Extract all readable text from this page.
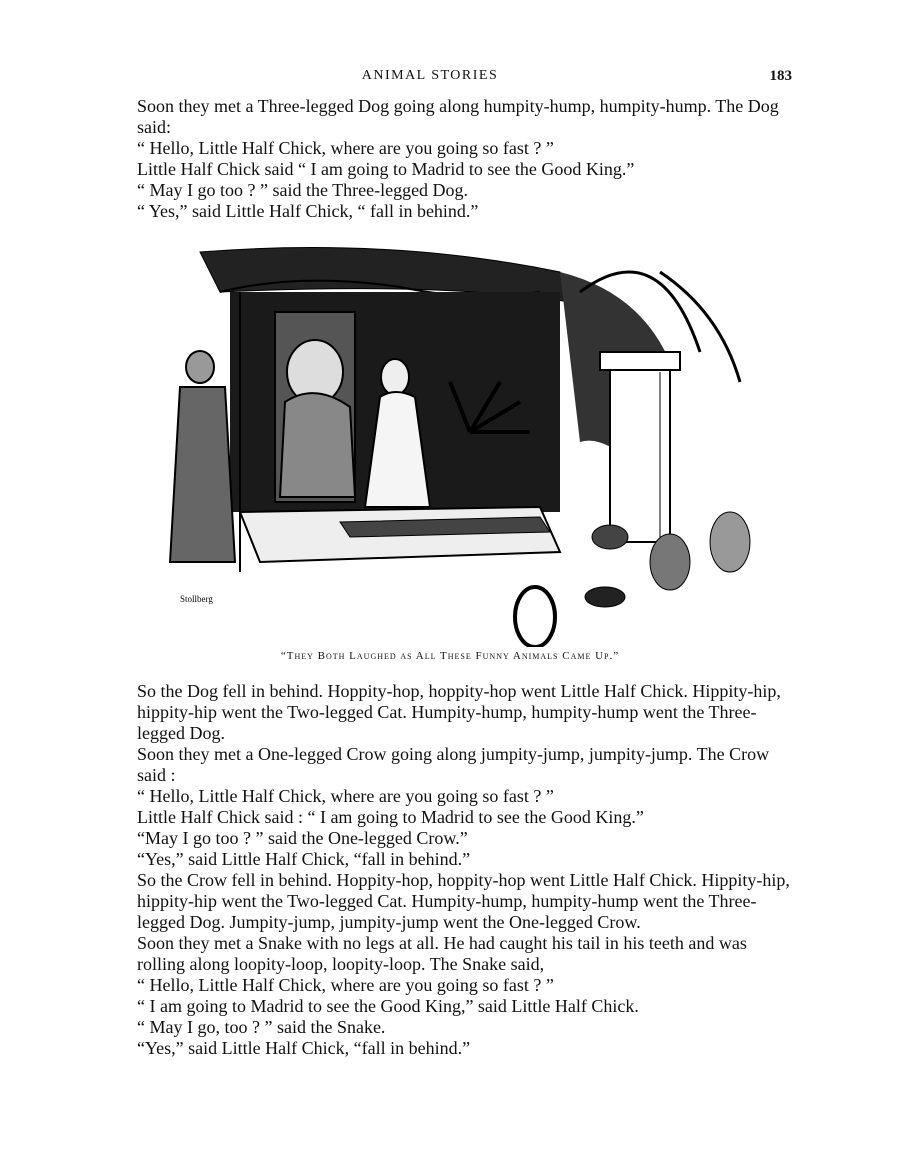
ANIMAL STORIES	183

Soon they met a Three-legged Dog going along humpity-hump, humpity-hump. The Dog said:

“ Hello, Little Half Chick, where are you going so fast ? ”

Little Half Chick said “ I am going to Madrid to see the Good King.”

“ May I go too ? ” said the Three-legged Dog.

“ Yes,” said Little Half Chick, “ fall in behind.”

Stollberg
“They Both Laughed as All These Funny Animals Came Up.”

So the Dog fell in behind. Hoppity-hop, hoppity-hop went Little Half Chick. Hippity-hip, hippity-hip went the Two-legged Cat. Humpity-hump, humpity-hump went the Three-legged Dog.

Soon they met a One-legged Crow going along jumpity-jump, jumpity-jump. The Crow said :

“ Hello, Little Half Chick, where are you going so fast ? ”

Little Half Chick said : “ I am going to Madrid to see the Good King.”

“May I go too ? ” said the One-legged Crow.”

“Yes,” said Little Half Chick, “fall in behind.”

So the Crow fell in behind. Hoppity-hop, hoppity-hop went Little Half Chick. Hippity-hip, hippity-hip went the Two-legged Cat. Humpity-hump, humpity-hump went the Three-legged Dog. Jumpity-jump, jumpity-jump went the One-legged Crow.

Soon they met a Snake with no legs at all. He had caught his tail in his teeth and was rolling along loopity-loop, loopity-loop. The Snake said,

“ Hello, Little Half Chick, where are you going so fast ? ”

“ I am going to Madrid to see the Good King,” said Little Half Chick.

“ May I go, too ? ” said the Snake.

“Yes,” said Little Half Chick, “fall in behind.”
